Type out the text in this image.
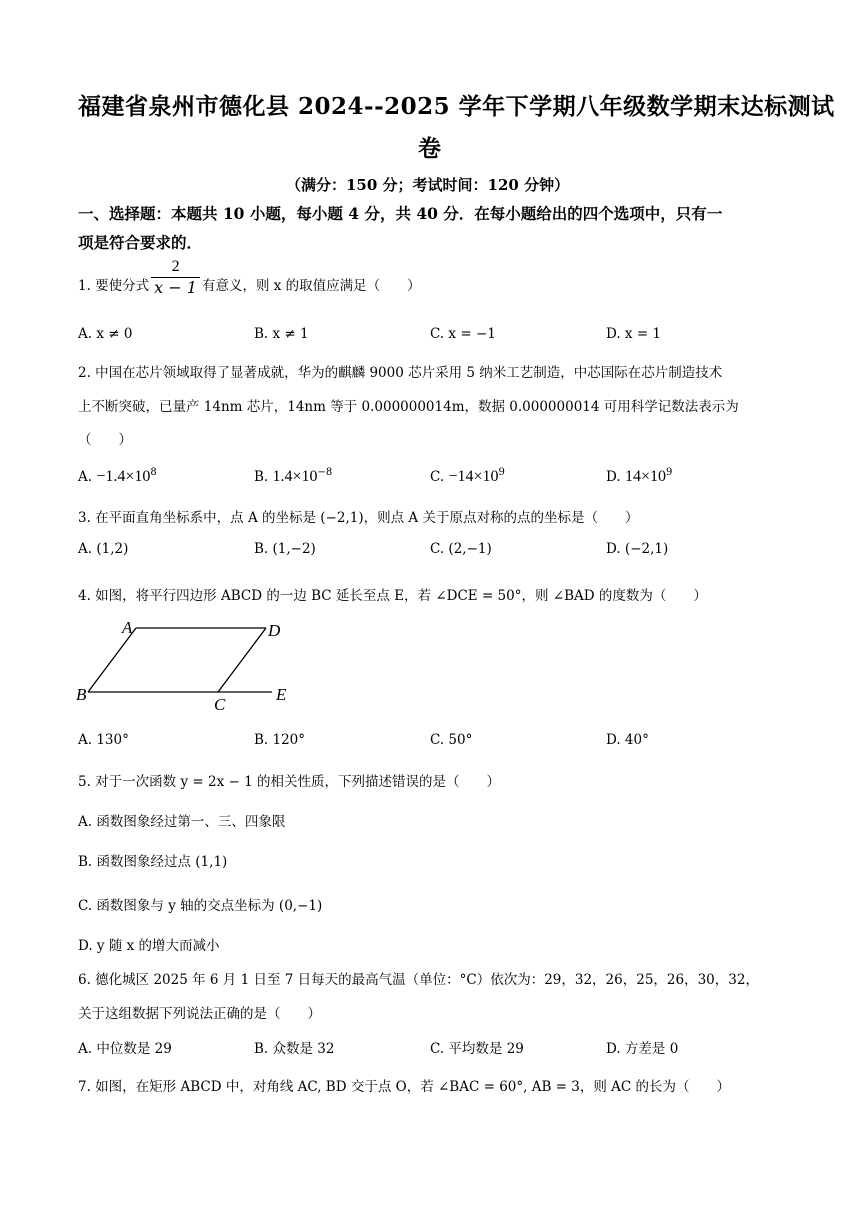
福建省泉州市德化县 2024--2025 学年下学期八年级数学期末达标测试
卷
（满分：150 分；考试时间：120 分钟）
一、选择题：本题共 10 小题，每小题 4 分，共 40 分．在每小题给出的四个选项中，只有一
项是符合要求的．
1. 要使分式 $\frac{2}{x - 1}$ 有意义，则 x 的取值应满足（　　）
A. x ≠ 0	B. x ≠ 1	C. x = −1	D. x = 1
2. 中国在芯片领域取得了显著成就，华为的麒麟 9000 芯片采用 5 纳米工艺制造，中芯国际在芯片制造技术
上不断突破，已量产 14nm 芯片，14nm 等于 0.000000014m，数据 0.000000014 可用科学记数法表示为
（　　）
A. $-1.4\times 10^8$	B. $1.4\times 10^{-8}$	C. $-14\times 10^9$	D. $14\times 10^9$
3. 在平面直角坐标系中，点 A 的坐标是 (−2,1)，则点 A 关于原点对称的点的坐标是（　　）
A. (1,2)	B. (1,−2)	C. (2,−1)	D. (−2,1)
4. 如图，将平行四边形 ABCD 的一边 BC 延长至点 E，若 ∠DCE = 50°，则 ∠BAD 的度数为（　　）
A	D
B
C
E
A. 130°	B. 120°	C. 50°	D. 40°
5. 对于一次函数 y = 2x − 1 的相关性质，下列描述错误的是（　　）
A. 函数图象经过第一、三、四象限
B. 函数图象经过点 (1,1)
C. 函数图象与 y 轴的交点坐标为 (0,−1)
D. y 随 x 的增大而减小
6. 德化城区 2025 年 6 月 1 日至 7 日每天的最高气温（单位：°C）依次为：29，32，26，25，26，30，32，
关于这组数据下列说法正确的是（　　）
A. 中位数是 29	B. 众数是 32	C. 平均数是 29	D. 方差是 0
7. 如图，在矩形 ABCD 中，对角线 AC, BD 交于点 O，若 ∠BAC = 60°, AB = 3，则 AC 的长为（　　）
